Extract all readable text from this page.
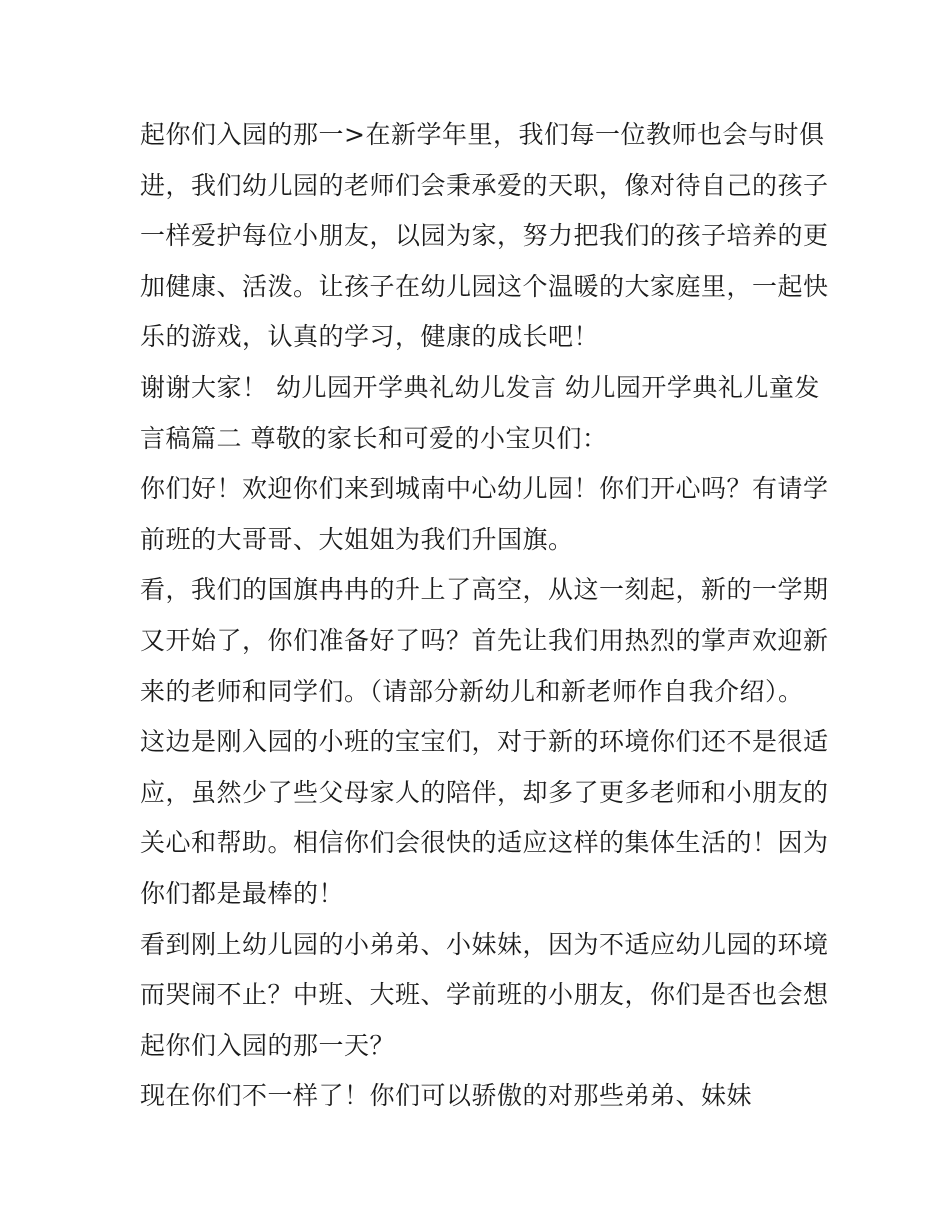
起你们入园的那一>在新学年里，我们每一位教师也会与时俱
进，我们幼儿园的老师们会秉承爱的天职，像对待自己的孩子
一样爱护每位小朋友，以园为家，努力把我们的孩子培养的更
加健康、活泼。让孩子在幼儿园这个温暖的大家庭里，一起快
乐的游戏，认真的学习，健康的成长吧！
谢谢大家！ 幼儿园开学典礼幼儿发言 幼儿园开学典礼儿童发
言稿篇二 尊敬的家长和可爱的小宝贝们：
你们好！欢迎你们来到城南中心幼儿园！你们开心吗？有请学
前班的大哥哥、大姐姐为我们升国旗。
看，我们的国旗冉冉的升上了高空，从这一刻起，新的一学期
又开始了，你们准备好了吗？首先让我们用热烈的掌声欢迎新
来的老师和同学们。（请部分新幼儿和新老师作自我介绍）。
这边是刚入园的小班的宝宝们，对于新的环境你们还不是很适
应，虽然少了些父母家人的陪伴，却多了更多老师和小朋友的
关心和帮助。相信你们会很快的适应这样的集体生活的！因为
你们都是最棒的！
看到刚上幼儿园的小弟弟、小妹妹，因为不适应幼儿园的环境
而哭闹不止？中班、大班、学前班的小朋友，你们是否也会想
起你们入园的那一天？
现在你们不一样了！你们可以骄傲的对那些弟弟、妹妹
